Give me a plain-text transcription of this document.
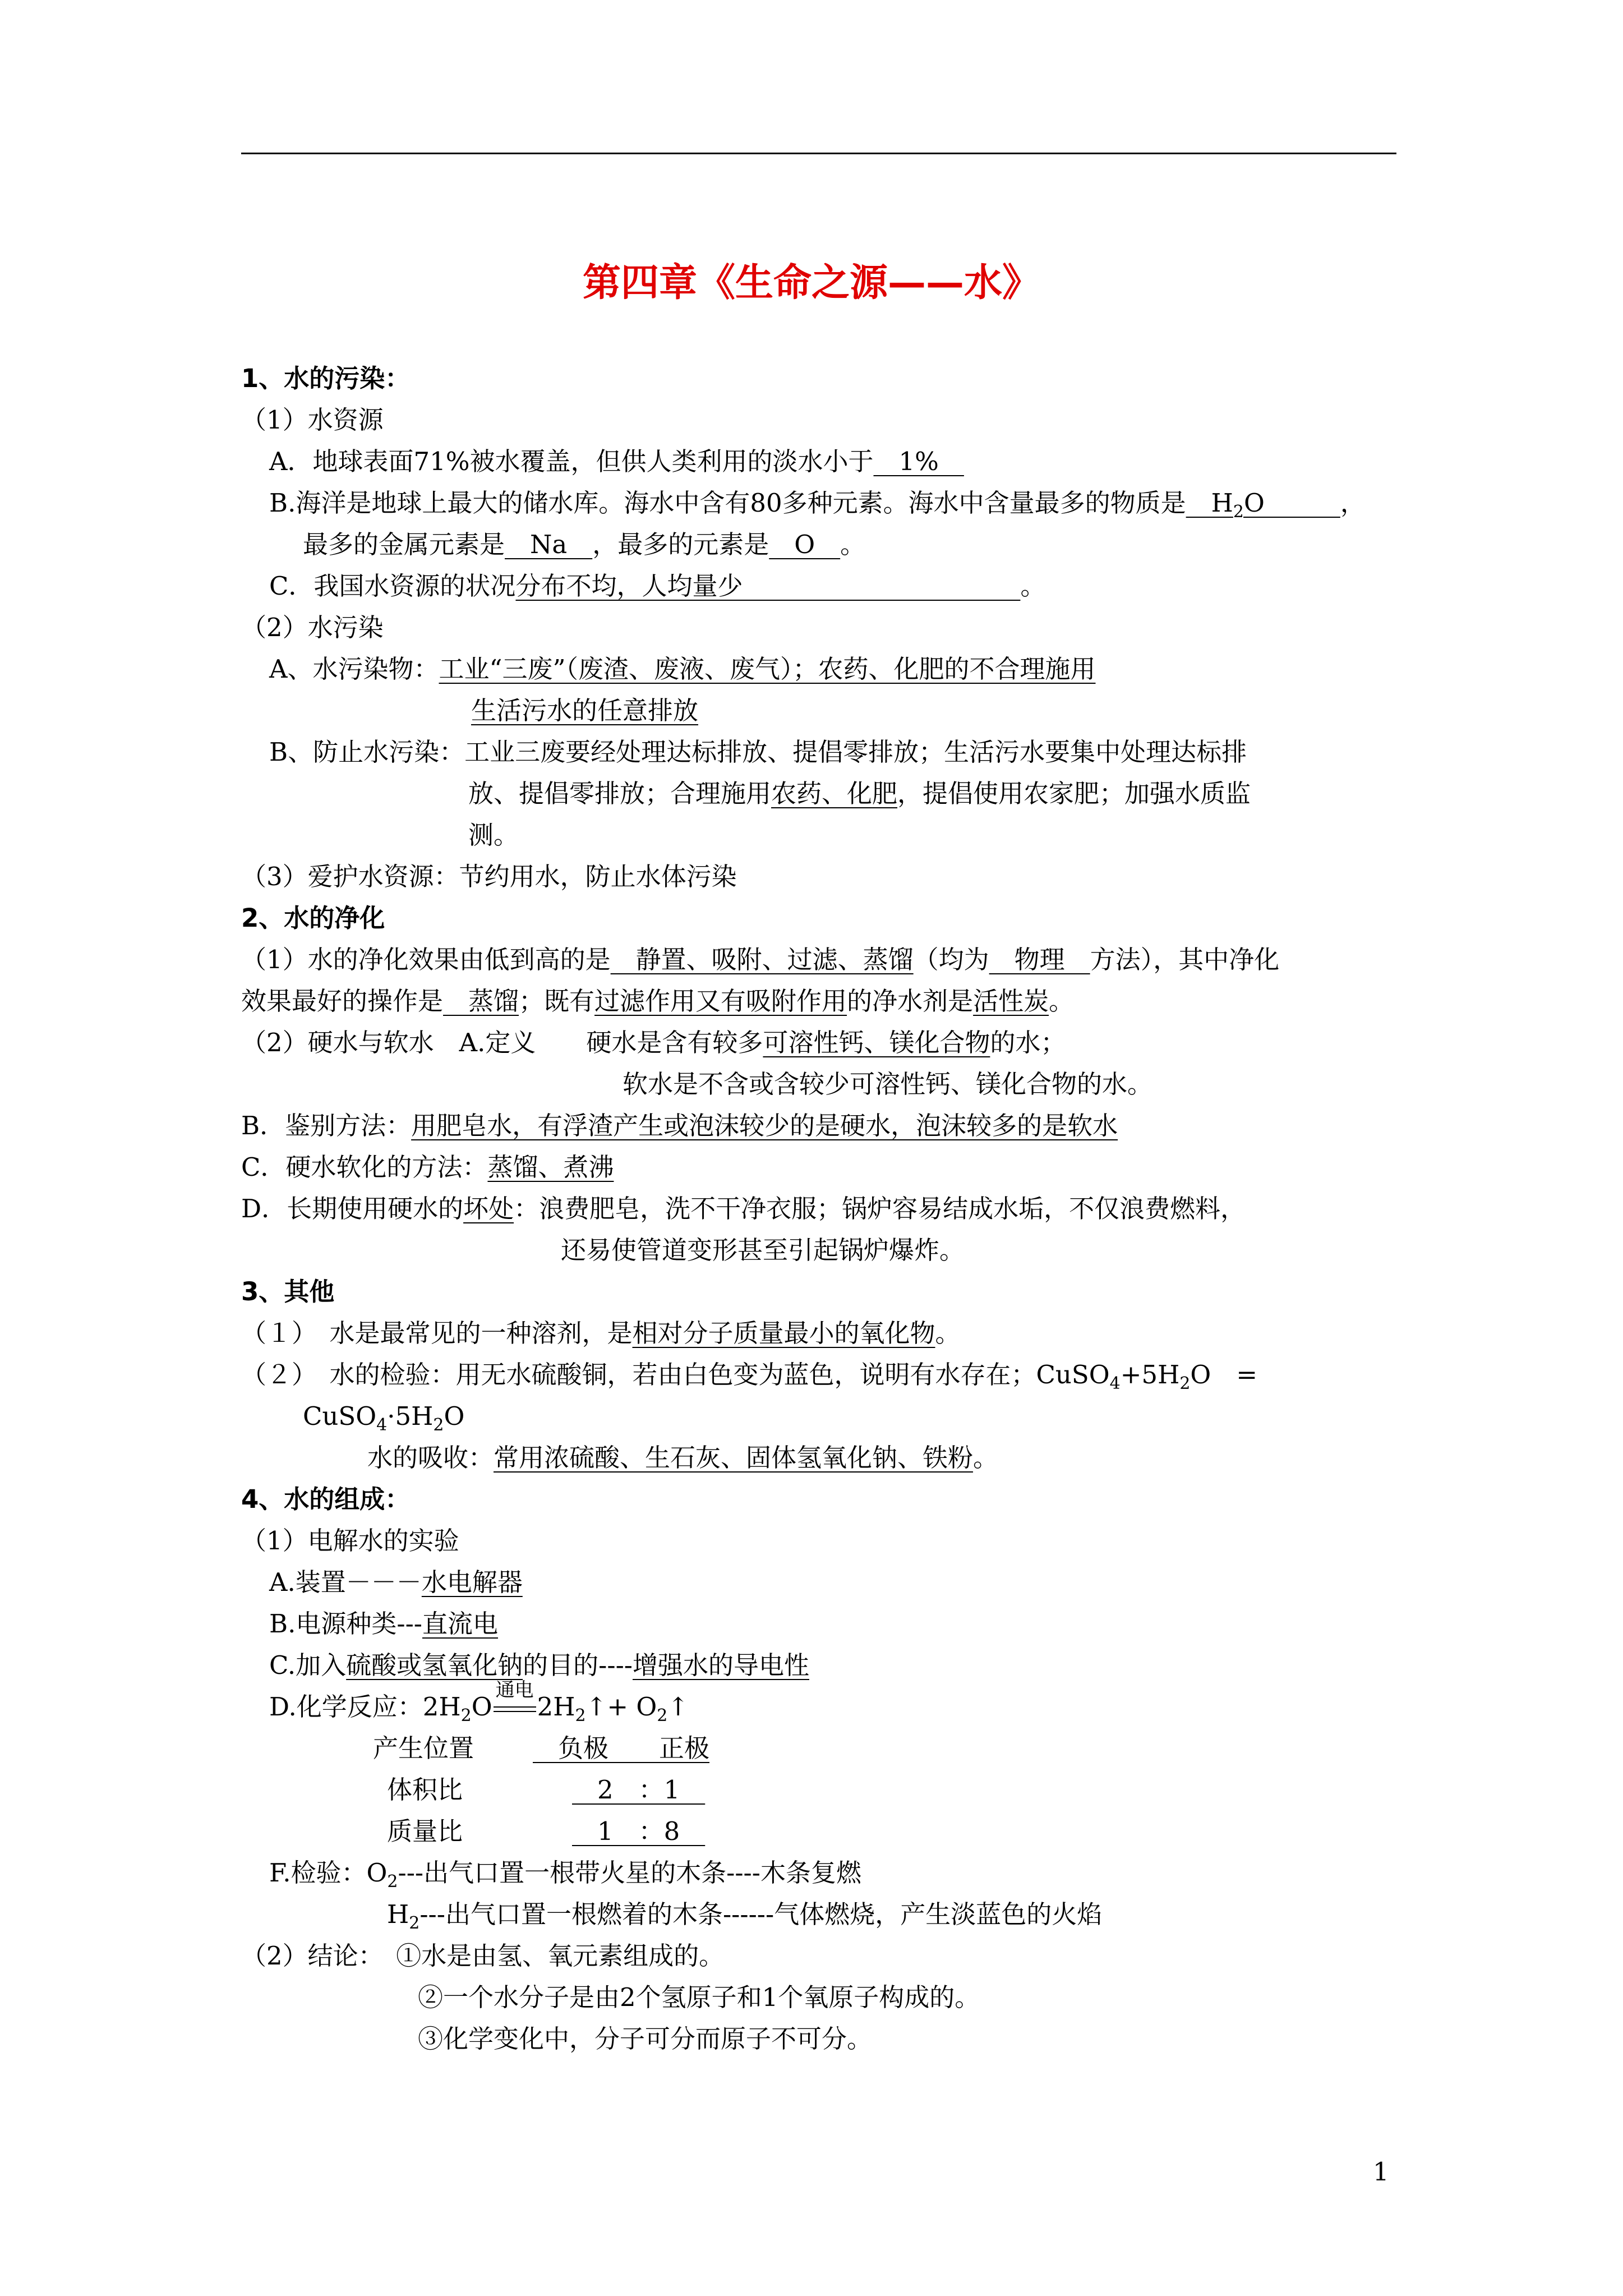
第四章《生命之源——水》
1、水的污染：
（1）水资源
A．地球表面71%被水覆盖，但供人类利用的淡水小于　1%　
B.海洋是地球上最大的储水库。海水中含有80多种元素。海水中含量最多的物质是　$H_2O$　　　，
最多的金属元素是　Na　，最多的元素是　O　。
C．我国水资源的状况分布不均，人均量少　　　　　　　　　　　。
（2）水污染
A、水污染物：工业“三废”（废渣、废液、废气）；农药、化肥的不合理施用
生活污水的任意排放
B、防止水污染：工业三废要经处理达标排放、提倡零排放；生活污水要集中处理达标排
放、提倡零排放；合理施用农药、化肥，提倡使用农家肥；加强水质监
测。
（3）爱护水资源：节约用水，防止水体污染
2、水的净化
（1）水的净化效果由低到高的是　静置、吸附、过滤、蒸馏（均为　物理　方法），其中净化
效果最好的操作是　蒸馏；既有过滤作用又有吸附作用的净水剂是活性炭。
（2）硬水与软水　A.定义　　硬水是含有较多可溶性钙、镁化合物的水；
软水是不含或含较少可溶性钙、镁化合物的水。
B．鉴别方法：用肥皂水，有浮渣产生或泡沫较少的是硬水，泡沫较多的是软水
C．硬水软化的方法：蒸馏、煮沸
D．长期使用硬水的坏处：浪费肥皂，洗不干净衣服；锅炉容易结成水垢，不仅浪费燃料，
还易使管道变形甚至引起锅炉爆炸。
3、其他
（１）　水是最常见的一种溶剂，是相对分子质量最小的氧化物。
（２）　水的检验：用无水硫酸铜，若由白色变为蓝色，说明有水存在；$CuSO_4+5H_2O$　=
$CuSO_4\cdot 5H_2O$
水的吸收：常用浓硫酸、生石灰、固体氢氧化钠、铁粉。
4、水的组成：
（1）电解水的实验
A.装置－－－水电解器
B.电源种类---直流电
C.加入硫酸或氢氧化钠的目的----增强水的导电性
D.化学反应：$2H_2O$
通电
$2H_2↑+$ $O_2↑$
产生位置　负极　　正极
体积比	　2　：1　
质量比	　1　：8　
F.检验：$O_2---$出气口置一根带火星的木条----木条复燃
$H_2---$出气口置一根燃着的木条------气体燃烧，产生淡蓝色的火焰
（2）结论：　①水是由氢、氧元素组成的。
②一个水分子是由2个氢原子和1个氧原子构成的。
③化学变化中，分子可分而原子不可分。
1
